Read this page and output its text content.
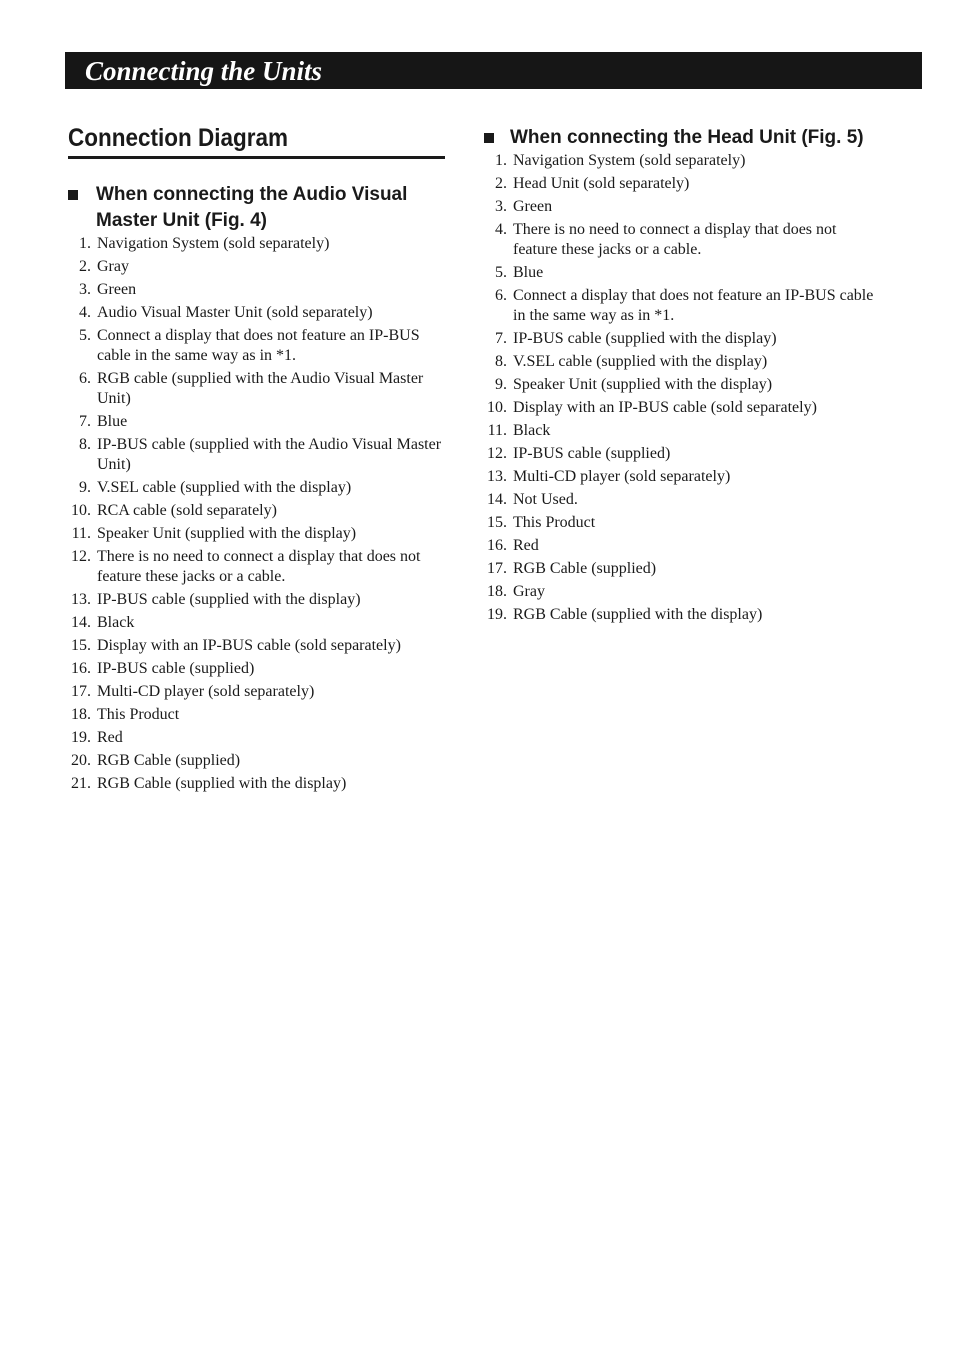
Connecting the Units
Connection Diagram
When connecting the Audio Visual Master Unit (Fig. 4)
1. Navigation System (sold separately)
2. Gray
3. Green
4. Audio Visual Master Unit (sold separately)
5. Connect a display that does not feature an IP-BUS cable in the same way as in *1.
6. RGB cable (supplied with the Audio Visual Master Unit)
7. Blue
8. IP-BUS cable (supplied with the Audio Visual Master Unit)
9. V.SEL cable (supplied with the display)
10. RCA cable (sold separately)
11. Speaker Unit (supplied with the display)
12. There is no need to connect a display that does not feature these jacks or a cable.
13. IP-BUS cable (supplied with the display)
14. Black
15. Display with an IP-BUS cable (sold separately)
16. IP-BUS cable (supplied)
17. Multi-CD player (sold separately)
18. This Product
19. Red
20. RGB Cable (supplied)
21. RGB Cable (supplied with the display)
When connecting the Head Unit (Fig. 5)
1. Navigation System (sold separately)
2. Head Unit (sold separately)
3. Green
4. There is no need to connect a display that does not feature these jacks or a cable.
5. Blue
6. Connect a display that does not feature an IP-BUS cable in the same way as in *1.
7. IP-BUS cable (supplied with the display)
8. V.SEL cable (supplied with the display)
9. Speaker Unit (supplied with the display)
10. Display with an IP-BUS cable (sold separately)
11. Black
12. IP-BUS cable (supplied)
13. Multi-CD player (sold separately)
14. Not Used.
15. This Product
16. Red
17. RGB Cable (supplied)
18. Gray
19. RGB Cable (supplied with the display)
